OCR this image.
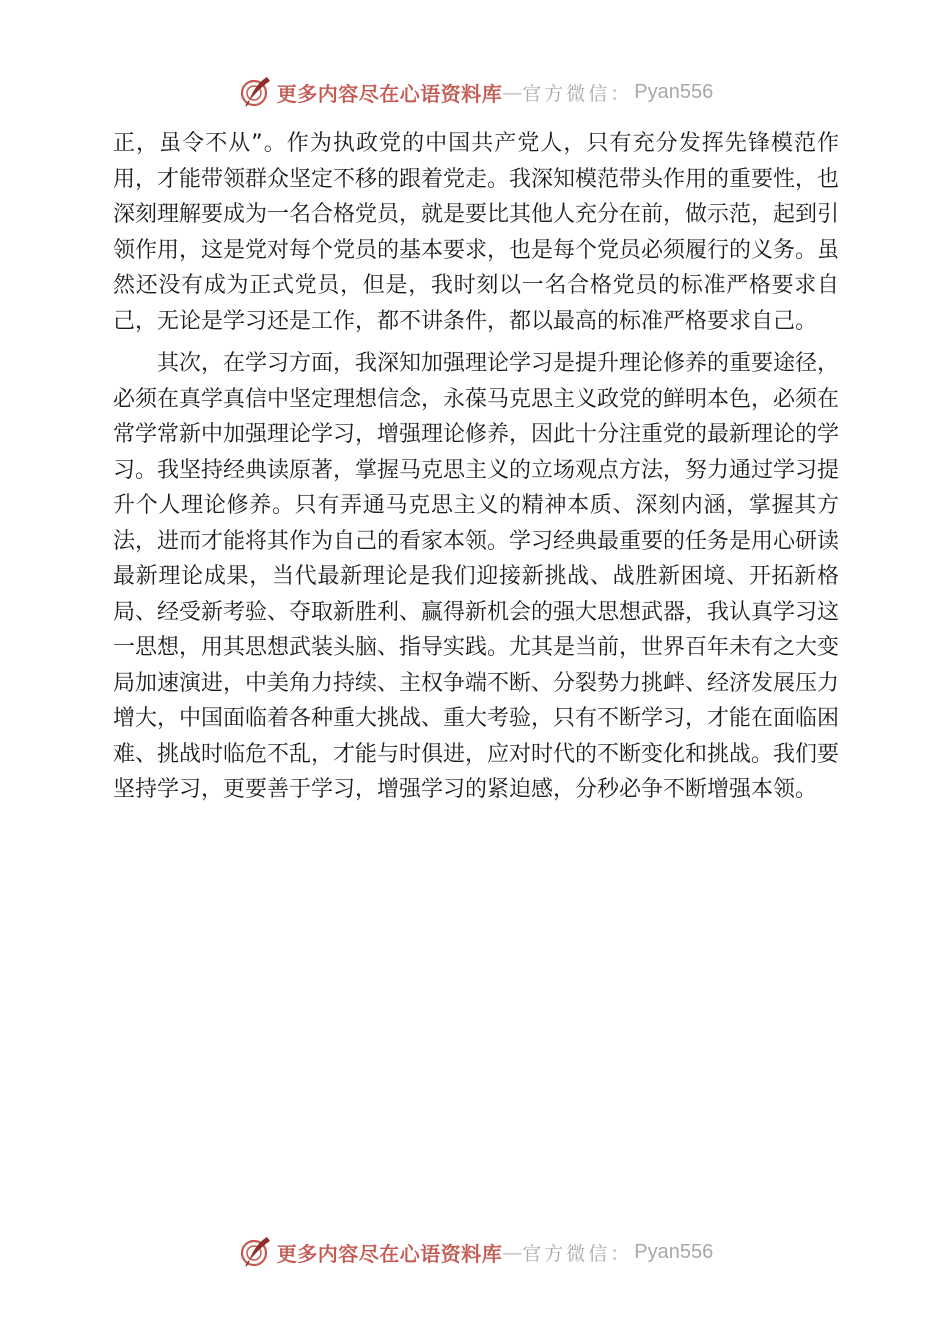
更多内容尽在心语资料库 — 官方微信： Pyan556

正，虽令不从”。作为执政党的中国共产党人，只有充分发挥先锋模范作用，才能带领群众坚定不移的跟着党走。我深知模范带头作用的重要性，也深刻理解要成为一名合格党员，就是要比其他人充分在前，做示范，起到引领作用，这是党对每个党员的基本要求，也是每个党员必须履行的义务。虽然还没有成为正式党员，但是，我时刻以一名合格党员的标准严格要求自己，无论是学习还是工作，都不讲条件，都以最高的标准严格要求自己。

其次，在学习方面，我深知加强理论学习是提升理论修养的重要途径，必须在真学真信中坚定理想信念，永葆马克思主义政党的鲜明本色，必须在常学常新中加强理论学习，增强理论修养，因此十分注重党的最新理论的学习。我坚持经典读原著，掌握马克思主义的立场观点方法，努力通过学习提升个人理论修养。只有弄通马克思主义的精神本质、深刻内涵，掌握其方法，进而才能将其作为自己的看家本领。学习经典最重要的任务是用心研读最新理论成果，当代最新理论是我们迎接新挑战、战胜新困境、开拓新格局、经受新考验、夺取新胜利、赢得新机会的强大思想武器，我认真学习这一思想，用其思想武装头脑、指导实践。尤其是当前，世界百年未有之大变局加速演进，中美角力持续、主权争端不断、分裂势力挑衅、经济发展压力增大，中国面临着各种重大挑战、重大考验，只有不断学习，才能在面临困难、挑战时临危不乱，才能与时俱进，应对时代的不断变化和挑战。我们要坚持学习，更要善于学习，增强学习的紧迫感，分秒必争不断增强本领。

更多内容尽在心语资料库 — 官方微信： Pyan556
